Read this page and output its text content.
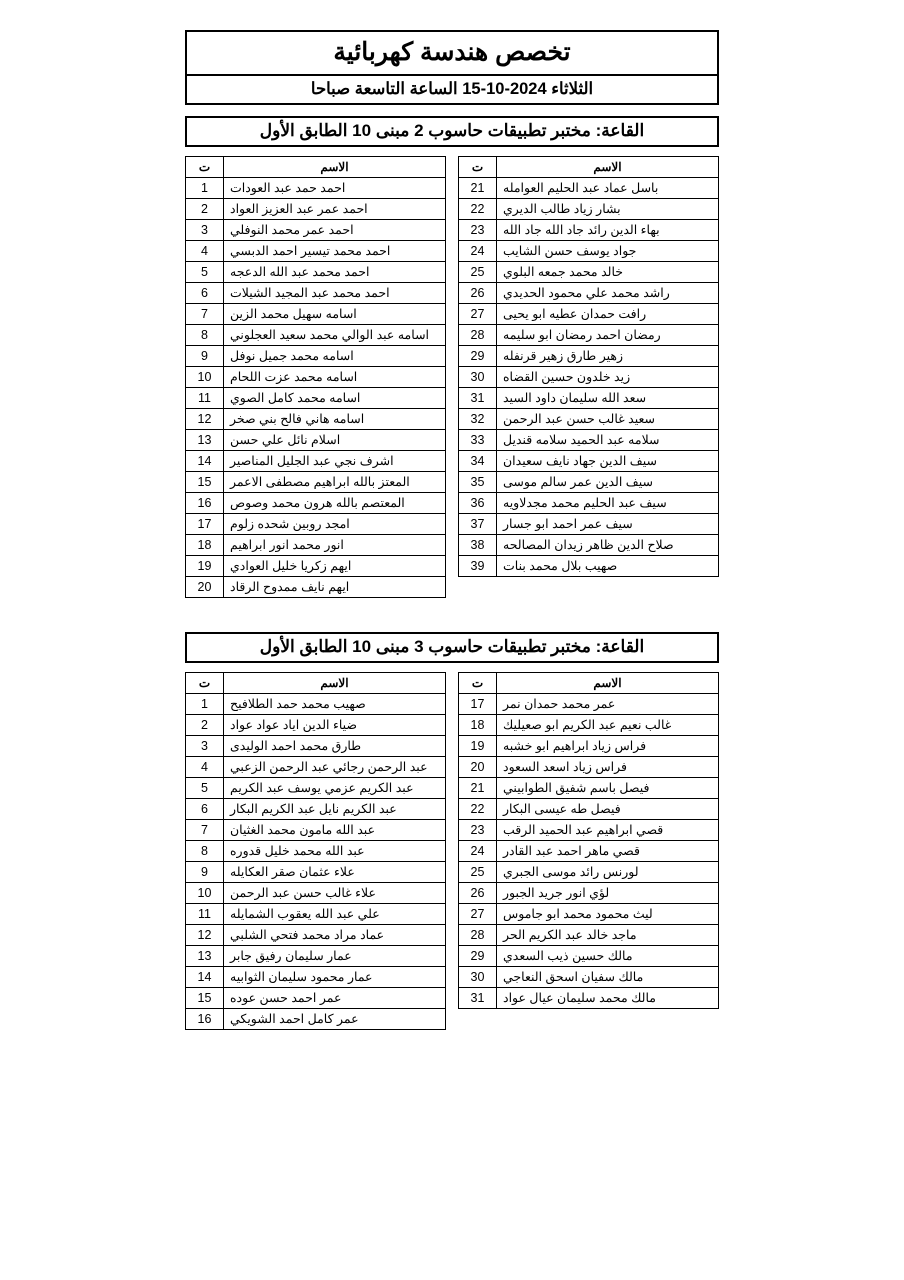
تخصص هندسة كهربائية
الثلاثاء 2024-10-15 الساعة التاسعة صباحا
القاعة: مختبر تطبيقات حاسوب 2 مبنى 10 الطابق الأول
الاسم	ت
باسل عماد عبد الحليم العوامله	21
بشار زياد طالب الديري	22
بهاء الدين رائد جاد الله جاد الله	23
جواد يوسف حسن الشايب	24
خالد محمد جمعه البلوي	25
راشد محمد علي محمود الحديدي	26
رافت حمدان عطيه ابو يحيى	27
رمضان احمد رمضان ابو سليمه	28
زهير طارق زهير قرنفله	29
زيد خلدون حسين القضاه	30
سعد الله سليمان داود السيد	31
سعيد غالب حسن عبد الرحمن	32
سلامه عبد الحميد سلامه قنديل	33
سيف الدين جهاد نايف سعيدان	34
سيف الدين عمر سالم موسى	35
سيف عبد الحليم محمد مجدلاويه	36
سيف عمر احمد ابو جسار	37
صلاح الدين ظاهر زيدان المصالحه	38
صهيب بلال محمد بنات	39

الاسم	ت
احمد حمد عبد العودات	1
احمد عمر عبد العزيز العواد	2
احمد عمر محمد النوفلي	3
احمد محمد تيسير احمد الدبسي	4
احمد محمد عبد الله الدعجه	5
احمد محمد عبد المجيد الشيلات	6
اسامه سهيل محمد الزين	7
اسامه عبد الوالي محمد سعيد العجلوني	8
اسامه محمد جميل نوفل	9
اسامه محمد عزت اللحام	10
اسامه محمد كامل الصوي	11
اسامه هاني فالح بني صخر	12
اسلام نائل علي حسن	13
اشرف نجي عبد الجليل المناصير	14
المعتز بالله ابراهيم مصطفى الاعمر	15
المعتصم بالله هرون محمد وصوص	16
امجد روبين شحده زلوم	17
انور محمد انور ابراهيم	18
ايهم زكريا خليل العوادي	19
ايهم نايف ممدوح الرقاد	20
القاعة: مختبر تطبيقات حاسوب 3 مبنى 10 الطابق الأول
الاسم	ت
عمر محمد حمدان نمر	17
غالب نعيم عبد الكريم ابو صعيليك	18
فراس زياد ابراهيم ابو خشبه	19
فراس زياد اسعد السعود	20
فيصل باسم شفيق الطوابيني	21
فيصل طه عيسى البكار	22
قصي ابراهيم عبد الحميد الرقب	23
قصي ماهر احمد عبد القادر	24
لورنس رائد موسى الجبري	25
لؤي انور جريد الجبور	26
ليث محمود محمد ابو جاموس	27
ماجد خالد عبد الكريم الحر	28
مالك حسين ذيب السعدي	29
مالك سفيان اسحق النعاجي	30
مالك محمد سليمان عيال عواد	31

الاسم	ت
صهيب محمد حمد الطلافيح	1
ضياء الدين اياد عواد عواد	2
طارق محمد احمد الوليدى	3
عبد الرحمن رجائي عبد الرحمن الزعبي	4
عبد الكريم عزمي يوسف عبد الكريم	5
عبد الكريم نايل عبد الكريم البكار	6
عبد الله مامون محمد الغثيان	7
عبد الله محمد خليل قدوره	8
علاء عثمان صقر العكايله	9
علاء غالب حسن عبد الرحمن	10
علي عبد الله يعقوب الشمايله	11
عماد مراد محمد فتحي الشلبي	12
عمار سليمان رفيق جابر	13
عمار محمود سليمان الثوابيه	14
عمر احمد حسن عوده	15
عمر كامل احمد الشويكي	16
